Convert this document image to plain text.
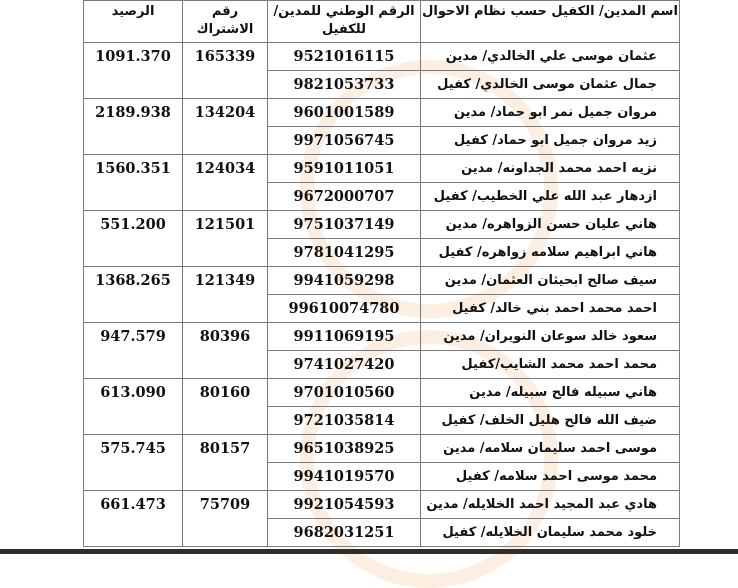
اسم المدين/ الكفيل حسب نظام الاحوال	الرقم الوطني للمدين/للكفيل	رقم الاشتراك	الرصيد
عثمان موسى علي الخالدي/ مدين	9521016115	165339	1091.370
جمال عثمان موسى الخالدي/ كفيل	9821053733		
مروان جميل نمر ابو حماد/ مدين	9601001589	134204	2189.938
زيد مروان جميل ابو حماد/ كفيل	9971056745		
نزيه احمد محمد الجداونه/ مدين	9591011051	124034	1560.351
ازدهار عبد الله علي الخطيب/ كفيل	9672000707		
هاني عليان حسن الزواهره/ مدين	9751037149	121501	551.200
هاني ابراهيم سلامه زواهره/ كفيل	9781041295		
سيف صالح ابحيثان العثمان/ مدين	9941059298	121349	1368.265
احمد محمد احمد بني خالد/ كفيل	99610074780		
سعود خالد سوعان النويران/ مدين	9911069195	80396	947.579
محمد احمد محمد الشايب/كفيل	9741027420		
هاني سبيله فالح سبيله/ مدين	9701010560	80160	613.090
ضيف الله فالح هليل الخلف/ كفيل	9721035814		
موسى احمد سليمان سلامه/ مدين	9651038925	80157	575.745
محمد موسى احمد سلامه/ كفيل	9941019570		
هادي عبد المجيد احمد الخلايله/ مدين	9921054593	75709	661.473
خلود محمد سليمان الخلايله/ كفيل	9682031251		
